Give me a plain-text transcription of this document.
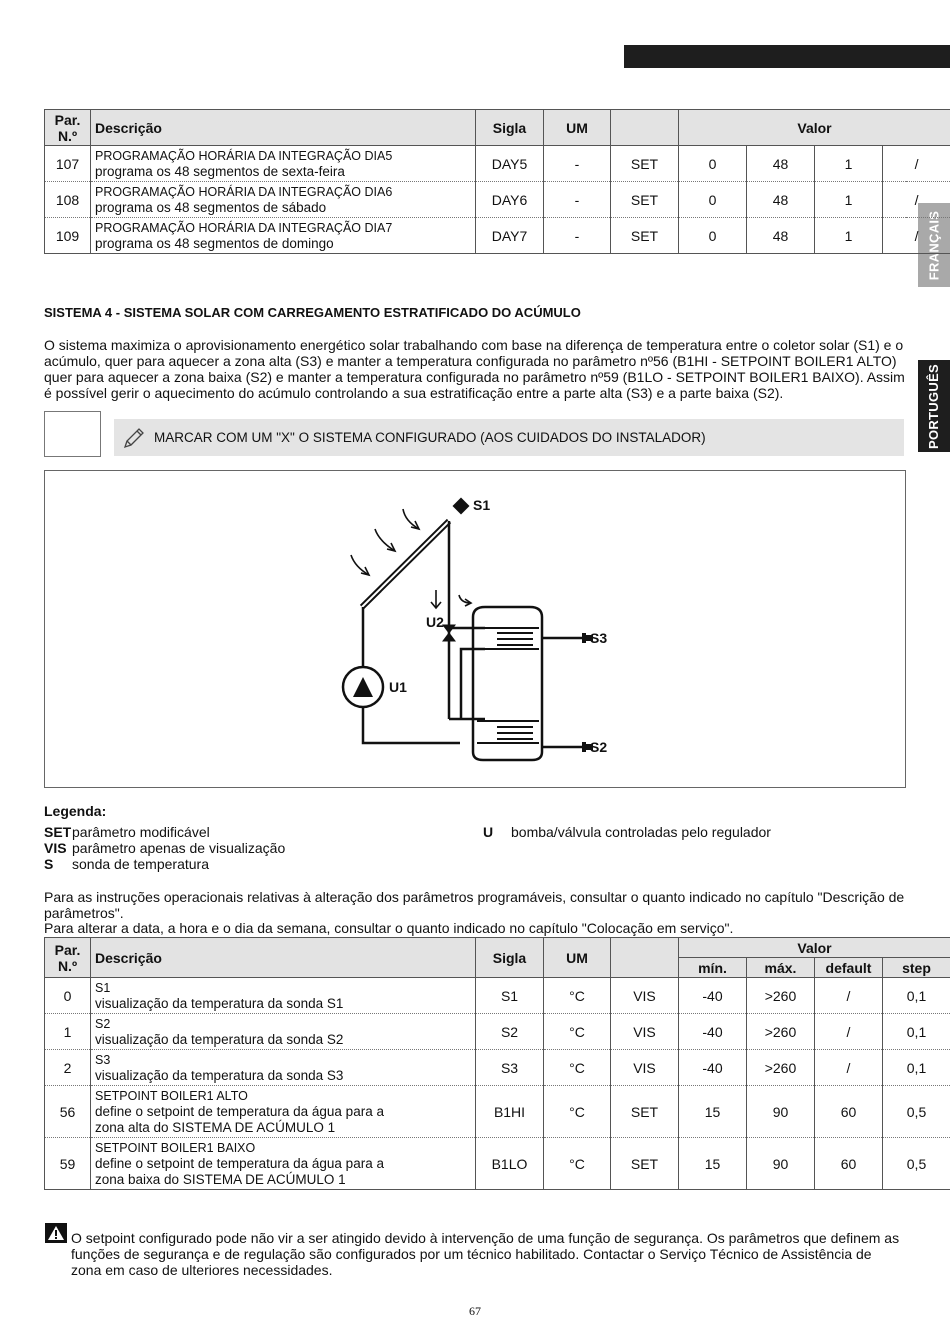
FRANÇAIS
PORTUGUÊS
Par. N.º	Descrição	Sigla	UM		Valor			
107	PROGRAMAÇÃO HORÁRIA DA INTEGRAÇÃO DIA5
programa os 48 segmentos de sexta-feira	DAY5	-	SET	0	48	1	/
108	PROGRAMAÇÃO HORÁRIA DA INTEGRAÇÃO DIA6
programa os 48 segmentos de sábado	DAY6	-	SET	0	48	1	/
109	PROGRAMAÇÃO HORÁRIA DA INTEGRAÇÃO DIA7
programa os 48 segmentos de domingo	DAY7	-	SET	0	48	1	/
SISTEMA 4 - SISTEMA SOLAR COM CARREGAMENTO ESTRATIFICADO DO ACÚMULO
O sistema maximiza o aprovisionamento energético solar trabalhando com base na diferença de temperatura entre o coletor solar (S1) e o acúmulo, quer para aquecer a zona alta (S3) e manter a temperatura configurada no parâmetro nº56 (B1HI - SETPOINT BOILER1 ALTO) quer para aquecer a zona baixa (S2) e manter a temperatura configurada no parâmetro nº59 (B1LO - SETPOINT BOILER1 BAIXO). Assim é possível gerir o aquecimento do acúmulo controlando a sua estratificação entre a parte alta (S3) e a parte baixa (S2).
MARCAR COM UM "X" O SISTEMA CONFIGURADO (AOS CUIDADOS DO INSTALADOR)
S1
S3
S2
U1
U2
Legenda:
SETparâmetro modificável
VIS parâmetro apenas de visualização
S sonda de temperatura
U bomba/válvula controladas pelo regulador
Para as instruções operacionais relativas à alteração dos parâmetros programáveis, consultar o quanto indicado no capítulo "Descrição de parâmetros".
Para alterar a data, a hora e o dia da semana, consultar o quanto indicado no capítulo "Colocação em serviço".
Par. N.º	Descrição	Sigla	UM		Valor			
					mín.	máx.	default	step
0	S1
visualização da temperatura da sonda S1	S1	°C	VIS	-40	>260	/	0,1
1	S2
visualização da temperatura da sonda S2	S2	°C	VIS	-40	>260	/	0,1
2	S3
visualização da temperatura da sonda S3	S3	°C	VIS	-40	>260	/	0,1
56	SETPOINT BOILER1 ALTO
define o setpoint de temperatura da água para a
zona alta do SISTEMA DE ACÚMULO 1	B1HI	°C	SET	15	90	60	0,5
59	SETPOINT BOILER1 BAIXO
define o setpoint de temperatura da água para a
zona baixa do SISTEMA DE ACÚMULO 1	B1LO	°C	SET	15	90	60	0,5
O setpoint configurado pode não vir a ser atingido devido à intervenção de uma função de segurança. Os parâmetros que definem as funções de segurança e de regulação são configurados por um técnico habilitado. Contactar o Serviço Técnico de Assistência de zona em caso de ulteriores necessidades.
67
